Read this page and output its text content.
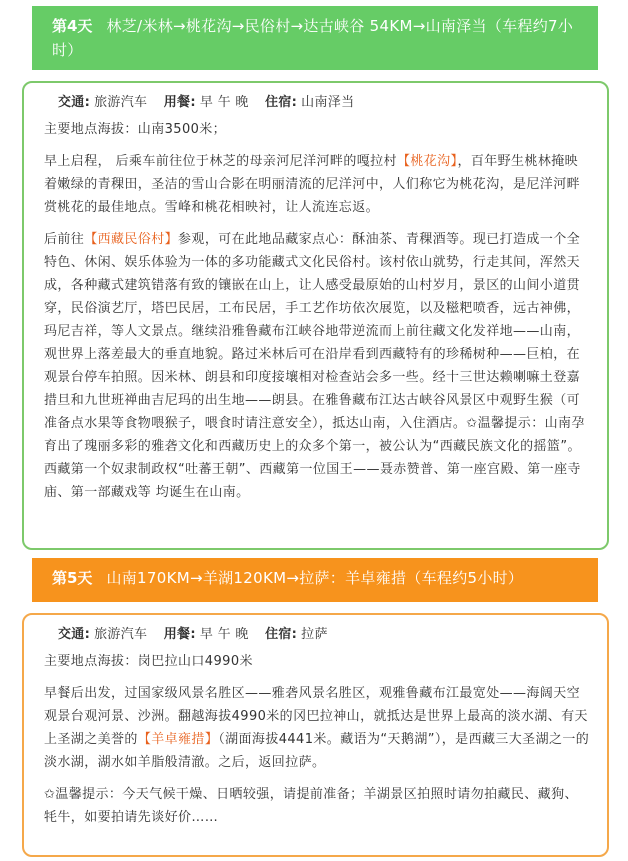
第4天 林芝/米林→桃花沟→民俗村→达古峡谷 54KM→山南泽当（车程约7小时）
交通: 旅游汽车 用餐: 早 午 晚 住宿: 山南泽当

主要地点海拔：山南3500米；

早上启程， 后乘车前往位于林芝的母亲河尼洋河畔的嘎拉村【桃花沟】，百年野生桃林掩映着嫩绿的青稞田，圣洁的雪山合影在明丽清流的尼洋河中，人们称它为桃花沟，是尼洋河畔赏桃花的最佳地点。雪峰和桃花相映衬，让人流连忘返。

后前往【西藏民俗村】参观，可在此地品藏家点心：酥油茶、青稞酒等。现已打造成一个全特色、休闲、娱乐体验为一体的多功能藏式文化民俗村。该村依山就势，行走其间，浑然天成，各种藏式建筑错落有致的镶嵌在山上，让人感受最原始的山村岁月，景区的山间小道贯穿，民俗演艺厅，塔巴民居，工布民居，手工艺作坊依次展览，以及糍粑喷香，远古神佛，玛尼吉祥，等人文景点。继续沿雅鲁藏布江峡谷地带逆流而上前往藏文化发祥地——山南，观世界上落差最大的垂直地貌。路过米林后可在沿岸看到西藏特有的珍稀树种——巨柏，在观景台停车拍照。因米林、朗县和印度接壤相对检查站会多一些。经十三世达赖喇嘛土登嘉措旦和九世班禅曲吉尼玛的出生地——朗县。在雅鲁藏布江达古峡谷风景区中观野生猴（可准备点水果等食物喂猴子，喂食时请注意安全），抵达山南，入住酒店。✩温馨提示：山南孕育出了瑰丽多彩的雅砻文化和西藏历史上的众多个第一，被公认为“西藏民族文化的摇篮”。西藏第一个奴隶制政权“吐蕃王朝”、西藏第一位国王——聂赤赞普、第一座宫殿、第一座寺庙、第一部藏戏等 均诞生在山南。

第5天 山南170KM→羊湖120KM→拉萨：羊卓雍措（车程约5小时）
交通: 旅游汽车 用餐: 早 午 晚 住宿: 拉萨

主要地点海拔：岗巴拉山口4990米

早餐后出发，过国家级风景名胜区——雅砻风景名胜区，观雅鲁藏布江最宽处——海阔天空观景台观河景、沙洲。翻越海拔4990米的冈巴拉神山，就抵达是世界上最高的淡水湖、有天上圣湖之美誉的【羊卓雍措】（湖面海拔4441米。藏语为“天鹅湖”），是西藏三大圣湖之一的淡水湖，湖水如羊脂般清澈。之后，返回拉萨。

✩温馨提示：今天气候干燥、日晒较强，请提前准备；羊湖景区拍照时请勿拍藏民、藏狗、牦牛，如要拍请先谈好价……
